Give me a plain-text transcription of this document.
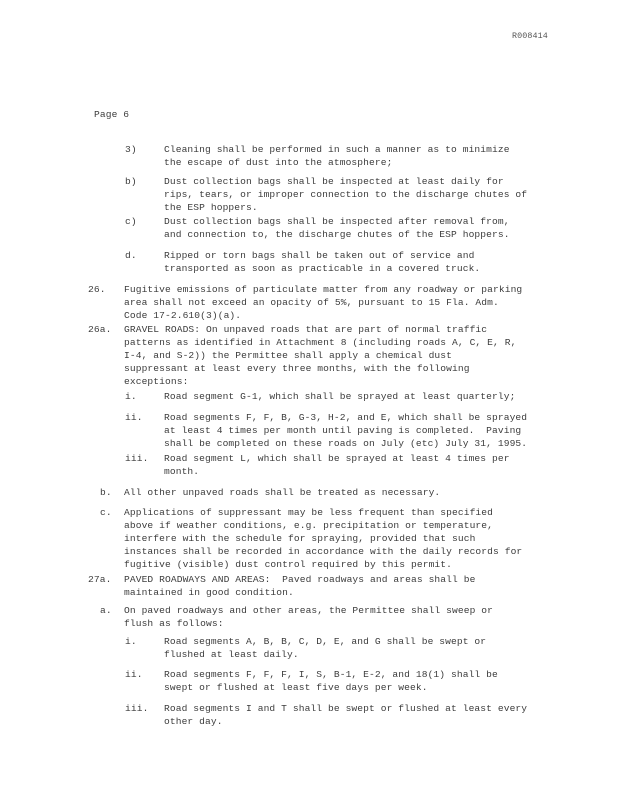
R008414
Page 6
3)	Cleaning shall be performed in such a manner as to minimize
the escape of dust into the atmosphere;
b)	Dust collection bags shall be inspected at least daily for
rips, tears, or improper connection to the discharge chutes of
the ESP hoppers.
c)	Dust collection bags shall be inspected after removal from,
and connection to, the discharge chutes of the ESP hoppers.
d.	Ripped or torn bags shall be taken out of service and
transported as soon as practicable in a covered truck.
26. Fugitive emissions of particulate matter from any roadway or parking
area shall not exceed an opacity of 5%, pursuant to 15 Fla. Adm.
Code 17-2.610(3)(a).
26a. GRAVEL ROADS: On unpaved roads that are part of normal traffic
patterns as identified in Attachment 8 (including roads A, C, E, R,
I-4, and S-2)) the Permittee shall apply a chemical dust
suppressant at least every three months, with the following
exceptions:
i.	Road segment G-1, which shall be sprayed at least quarterly;
ii. Road segments F, F, B, G-3, H-2, and E, which shall be sprayed
at least 4 times per month until paving is completed.  Paving
shall be completed on these roads on July (etc) July 31, 1995.
iii. Road segment L, which shall be sprayed at least 4 times per
month.
b. All other unpaved roads shall be treated as necessary.
c. Applications of suppressant may be less frequent than specified
above if weather conditions, e.g. precipitation or temperature,
interfere with the schedule for spraying, provided that such
instances shall be recorded in accordance with the daily records for
fugitive (visible) dust control required by this permit.
27a. PAVED ROADWAYS AND AREAS:  Paved roadways and areas shall be
maintained in good condition.
a. On paved roadways and other areas, the Permittee shall sweep or
flush as follows:
i.	Road segments A, B, B, C, D, E, and G shall be swept or
flushed at least daily.
ii. Road segments F, F, F, I, S, B-1, E-2, and 18(1) shall be
swept or flushed at least five days per week.
iii. Road segments I and T shall be swept or flushed at least every
other day.
